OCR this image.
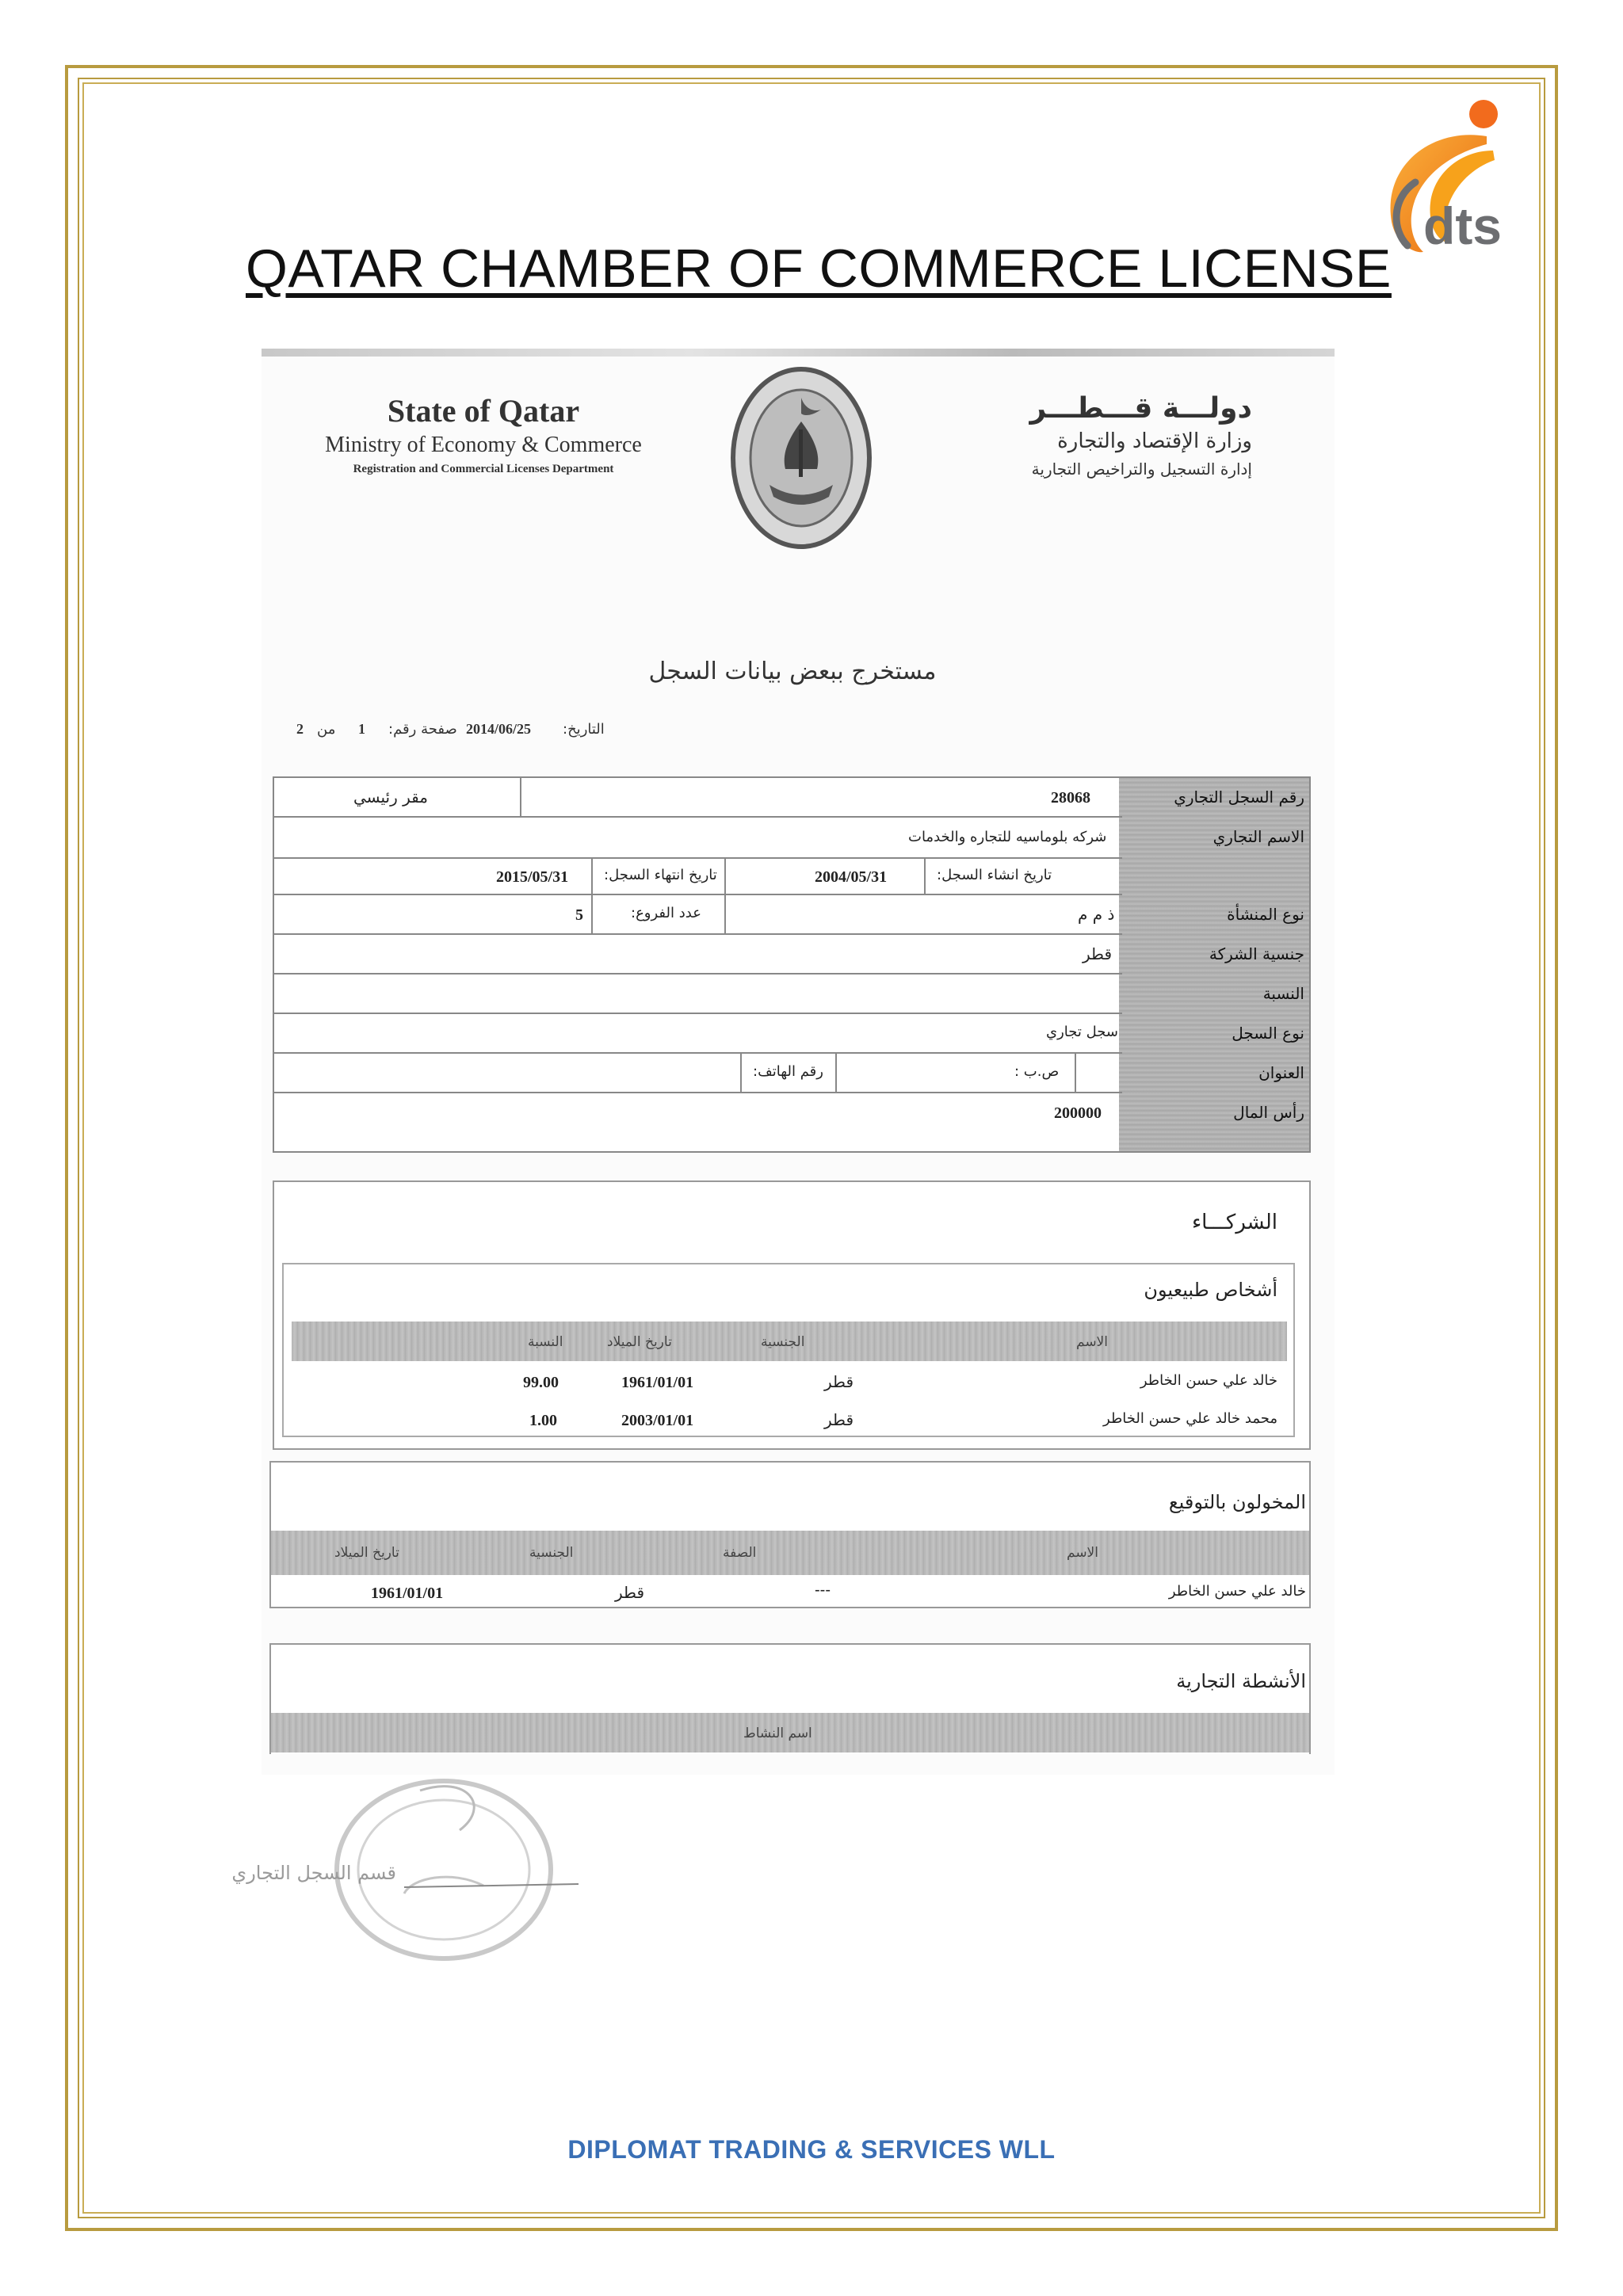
dts
QATAR CHAMBER OF COMMERCE LICENSE
State of Qatar
Ministry of Economy & Commerce
Registration and Commercial Licenses Department
دولـــة قـــطـــر
وزارة الإقتصاد والتجارة
إدارة التسجيل والتراخيص التجارية
مستخرج ببعض بيانات السجل
التاريخ:
2014/06/25
صفحة رقم:
1
من
2
رقم السجل التجاري
الاسم التجاري
نوع المنشأة
جنسية الشركة
النسبة
نوع السجل
العنوان
رأس المال
28068
مقر رئيسي
شركه بلوماسيه للتجاره والخدمات
تاريخ انشاء السجل:
2004/05/31
تاريخ انتهاء السجل:
2015/05/31
ذ م م
عدد الفروع:
5
قطر
سجل تجاري
ص.ب :
رقم الهاتف:
200000
الشركـــاء
أشخاص طبيعيون
الاسم
الجنسية
تاريخ الميلاد
النسبة
خالد علي حسن الخاطر
قطر
1961/01/01
99.00
محمد خالد علي حسن الخاطر
قطر
2003/01/01
1.00
المخولون بالتوقيع
الاسم
الصفة
الجنسية
تاريخ الميلاد
خالد علي حسن الخاطر
---
قطر
1961/01/01
الأنشطة التجارية
اسم النشاط
قسم السجل التجاري
DIPLOMAT TRADING & SERVICES WLL
